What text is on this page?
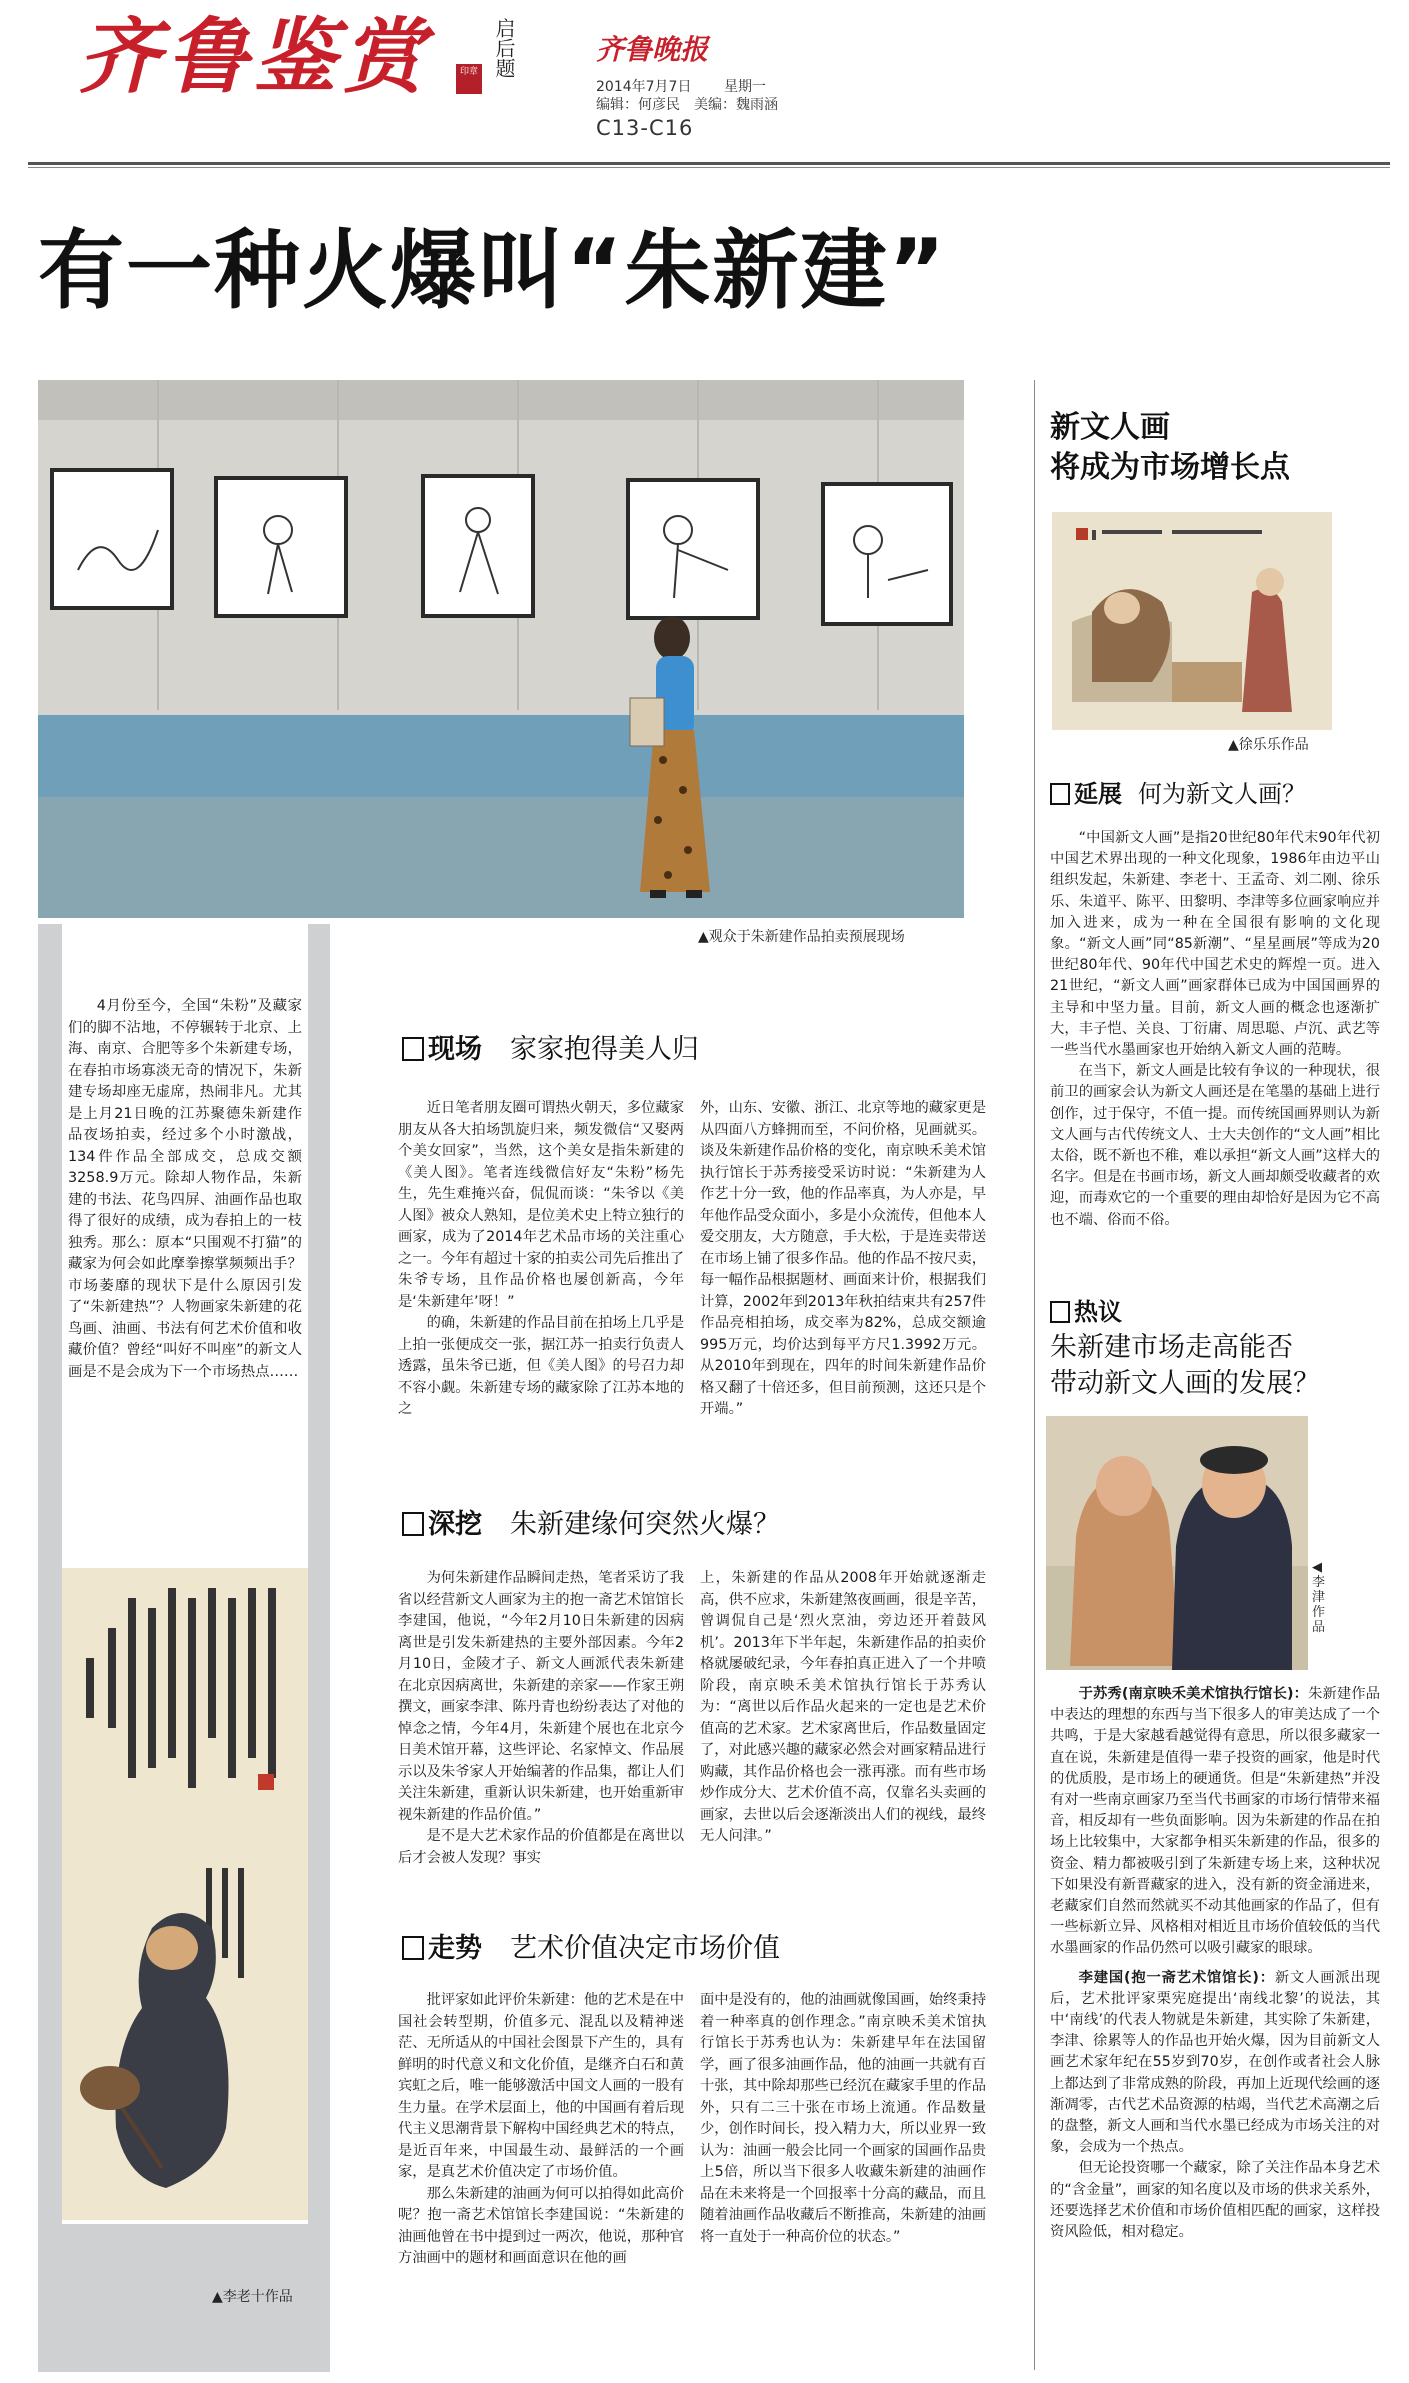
齐鲁鉴赏	印章 启后题	齐鲁晚报
2014年7月7日 星期一
编辑：何彦民　美编：魏雨涵
C13-C16
有一种火爆叫“朱新建”
▲观众于朱新建作品拍卖预展现场

4月份至今，全国“朱粉”及藏家们的脚不沾地，不停辗转于北京、上海、南京、合肥等多个朱新建专场，在春拍市场寡淡无奇的情况下，朱新建专场却座无虚席，热闹非凡。尤其是上月21日晚的江苏聚德朱新建作品夜场拍卖，经过多个小时激战，134件作品全部成交，总成交额3258.9万元。除却人物作品，朱新建的书法、花鸟四屏、油画作品也取得了很好的成绩，成为春拍上的一枝独秀。那么：原本“只围观不打猫”的藏家为何会如此摩拳擦掌频频出手？市场萎靡的现状下是什么原因引发了“朱新建热”？人物画家朱新建的花鸟画、油画、书法有何艺术价值和收藏价值？曾经“叫好不叫座”的新文人画是不是会成为下一个市场热点……

▲李老十作品
现场 家家抱得美人归

近日笔者朋友圈可谓热火朝天，多位藏家朋友从各大拍场凯旋归来，频发微信“又娶两个美女回家”，当然，这个美女是指朱新建的《美人图》。笔者连线微信好友“朱粉”杨先生，先生难掩兴奋，侃侃而谈：“朱爷以《美人图》被众人熟知，是位美术史上特立独行的画家，成为了2014年艺术品市场的关注重心之一。今年有超过十家的拍卖公司先后推出了朱爷专场，且作品价格也屡创新高，今年是‘朱新建年’呀！”

的确，朱新建的作品目前在拍场上几乎是上拍一张便成交一张，据江苏一拍卖行负责人透露，虽朱爷已逝，但《美人图》的号召力却不容小觑。朱新建专场的藏家除了江苏本地的之

外，山东、安徽、浙江、北京等地的藏家更是从四面八方蜂拥而至，不问价格，见画就买。谈及朱新建作品价格的变化，南京映禾美术馆执行馆长于苏秀接受采访时说：“朱新建为人作艺十分一致，他的作品率真，为人亦是，早年他作品受众面小，多是小众流传，但他本人爱交朋友，大方随意，手大松，于是连卖带送在市场上铺了很多作品。他的作品不按尺卖，每一幅作品根据题材、画面来计价，根据我们计算，2002年到2013年秋拍结束共有257件作品亮相拍场，成交率为82%，总成交额逾995万元，均价达到每平方尺1.3992万元。从2010年到现在，四年的时间朱新建作品价格又翻了十倍还多，但目前预测，这还只是个开端。”

深挖 朱新建缘何突然火爆？

为何朱新建作品瞬间走热，笔者采访了我省以经营新文人画家为主的抱一斋艺术馆馆长李建国，他说，“今年2月10日朱新建的因病离世是引发朱新建热的主要外部因素。今年2月10日，金陵才子、新文人画派代表朱新建在北京因病离世，朱新建的亲家——作家王朔撰文，画家李津、陈丹青也纷纷表达了对他的悼念之情，今年4月，朱新建个展也在北京今日美术馆开幕，这些评论、名家悼文、作品展示以及朱爷家人开始编著的作品集，都让人们关注朱新建，重新认识朱新建，也开始重新审视朱新建的作品价值。”

是不是大艺术家作品的价值都是在离世以后才会被人发现？事实

上，朱新建的作品从2008年开始就逐渐走高，供不应求，朱新建煞夜画画，很是辛苦，曾调侃自己是‘烈火烹油，旁边还开着鼓风机’。2013年下半年起，朱新建作品的拍卖价格就屡破纪录，今年春拍真正进入了一个井喷阶段，南京映禾美术馆执行馆长于苏秀认为：“离世以后作品火起来的一定也是艺术价值高的艺术家。艺术家离世后，作品数量固定了，对此感兴趣的藏家必然会对画家精品进行购藏，其作品价格也会一涨再涨。而有些市场炒作成分大、艺术价值不高，仅靠名头卖画的画家，去世以后会逐渐淡出人们的视线，最终无人问津。”

走势 艺术价值决定市场价值

批评家如此评价朱新建：他的艺术是在中国社会转型期，价值多元、混乱以及精神迷茫、无所适从的中国社会图景下产生的，具有鲜明的时代意义和文化价值，是继齐白石和黄宾虹之后，唯一能够激活中国文人画的一股有生力量。在学术层面上，他的中国画有着后现代主义思潮背景下解构中国经典艺术的特点，是近百年来，中国最生动、最鲜活的一个画家，是真艺术价值决定了市场价值。

那么朱新建的油画为何可以拍得如此高价呢？抱一斋艺术馆馆长李建国说：“朱新建的油画他曾在书中提到过一两次，他说，那种官方油画中的题材和画面意识在他的画

面中是没有的，他的油画就像国画，始终秉持着一种率真的创作理念。”南京映禾美术馆执行馆长于苏秀也认为：朱新建早年在法国留学，画了很多油画作品，他的油画一共就有百十张，其中除却那些已经沉在藏家手里的作品外，只有二三十张在市场上流通。作品数量少，创作时间长，投入精力大，所以业界一致认为：油画一般会比同一个画家的国画作品贵上5倍，所以当下很多人收藏朱新建的油画作品在未来将是一个回报率十分高的藏品，而且随着油画作品收藏后不断推高，朱新建的油画将一直处于一种高价位的状态。”

新文人画
将成为市场增长点
▲徐乐乐作品
延展 何为新文人画？

“中国新文人画”是指20世纪80年代末90年代初中国艺术界出现的一种文化现象，1986年由边平山组织发起，朱新建、李老十、王孟奇、刘二刚、徐乐乐、朱道平、陈平、田黎明、李津等多位画家响应并加入进来，成为一种在全国很有影响的文化现象。“新文人画”同“85新潮”、“星星画展”等成为20世纪80年代、90年代中国艺术史的辉煌一页。进入21世纪，“新文人画”画家群体已成为中国国画界的主导和中坚力量。目前，新文人画的概念也逐渐扩大，丰子恺、关良、丁衍庸、周思聪、卢沉、武艺等一些当代水墨画家也开始纳入新文人画的范畴。

在当下，新文人画是比较有争议的一种现状，很前卫的画家会认为新文人画还是在笔墨的基础上进行创作，过于保守，不值一提。而传统国画界则认为新文人画与古代传统文人、士大夫创作的“文人画”相比太俗，既不新也不稚，难以承担“新文人画”这样大的名字。但是在书画市场，新文人画却颇受收藏者的欢迎，而毒欢它的一个重要的理由却恰好是因为它不高也不端、俗而不俗。

热议
朱新建市场走高能否
带动新文人画的发展？
◀李津作品

于苏秀(南京映禾美术馆执行馆长)：朱新建作品中表达的理想的东西与当下很多人的审美达成了一个共鸣，于是大家越看越觉得有意思，所以很多藏家一直在说，朱新建是值得一辈子投资的画家，他是时代的优质股，是市场上的硬通货。但是“朱新建热”并没有对一些南京画家乃至当代书画家的市场行情带来福音，相反却有一些负面影响。因为朱新建的作品在拍场上比较集中，大家都争相买朱新建的作品，很多的资金、精力都被吸引到了朱新建专场上来，这种状况下如果没有新晋藏家的进入，没有新的资金涌进来，老藏家们自然而然就买不动其他画家的作品了，但有一些标新立异、风格相对相近且市场价值较低的当代水墨画家的作品仍然可以吸引藏家的眼球。

李建国(抱一斋艺术馆馆长)：新文人画派出现后，艺术批评家栗宪庭提出‘南线北黎’的说法，其中‘南线’的代表人物就是朱新建，其实除了朱新建，李津、徐累等人的作品也开始火爆，因为目前新文人画艺术家年纪在55岁到70岁，在创作或者社会人脉上都达到了非常成熟的阶段，再加上近现代绘画的逐渐凋零，古代艺术品资源的枯竭，当代艺术高潮之后的盘整，新文人画和当代水墨已经成为市场关注的对象，会成为一个热点。

但无论投资哪一个藏家，除了关注作品本身艺术的“含金量”，画家的知名度以及市场的供求关系外，还要选择艺术价值和市场价值相匹配的画家，这样投资风险低，相对稳定。
